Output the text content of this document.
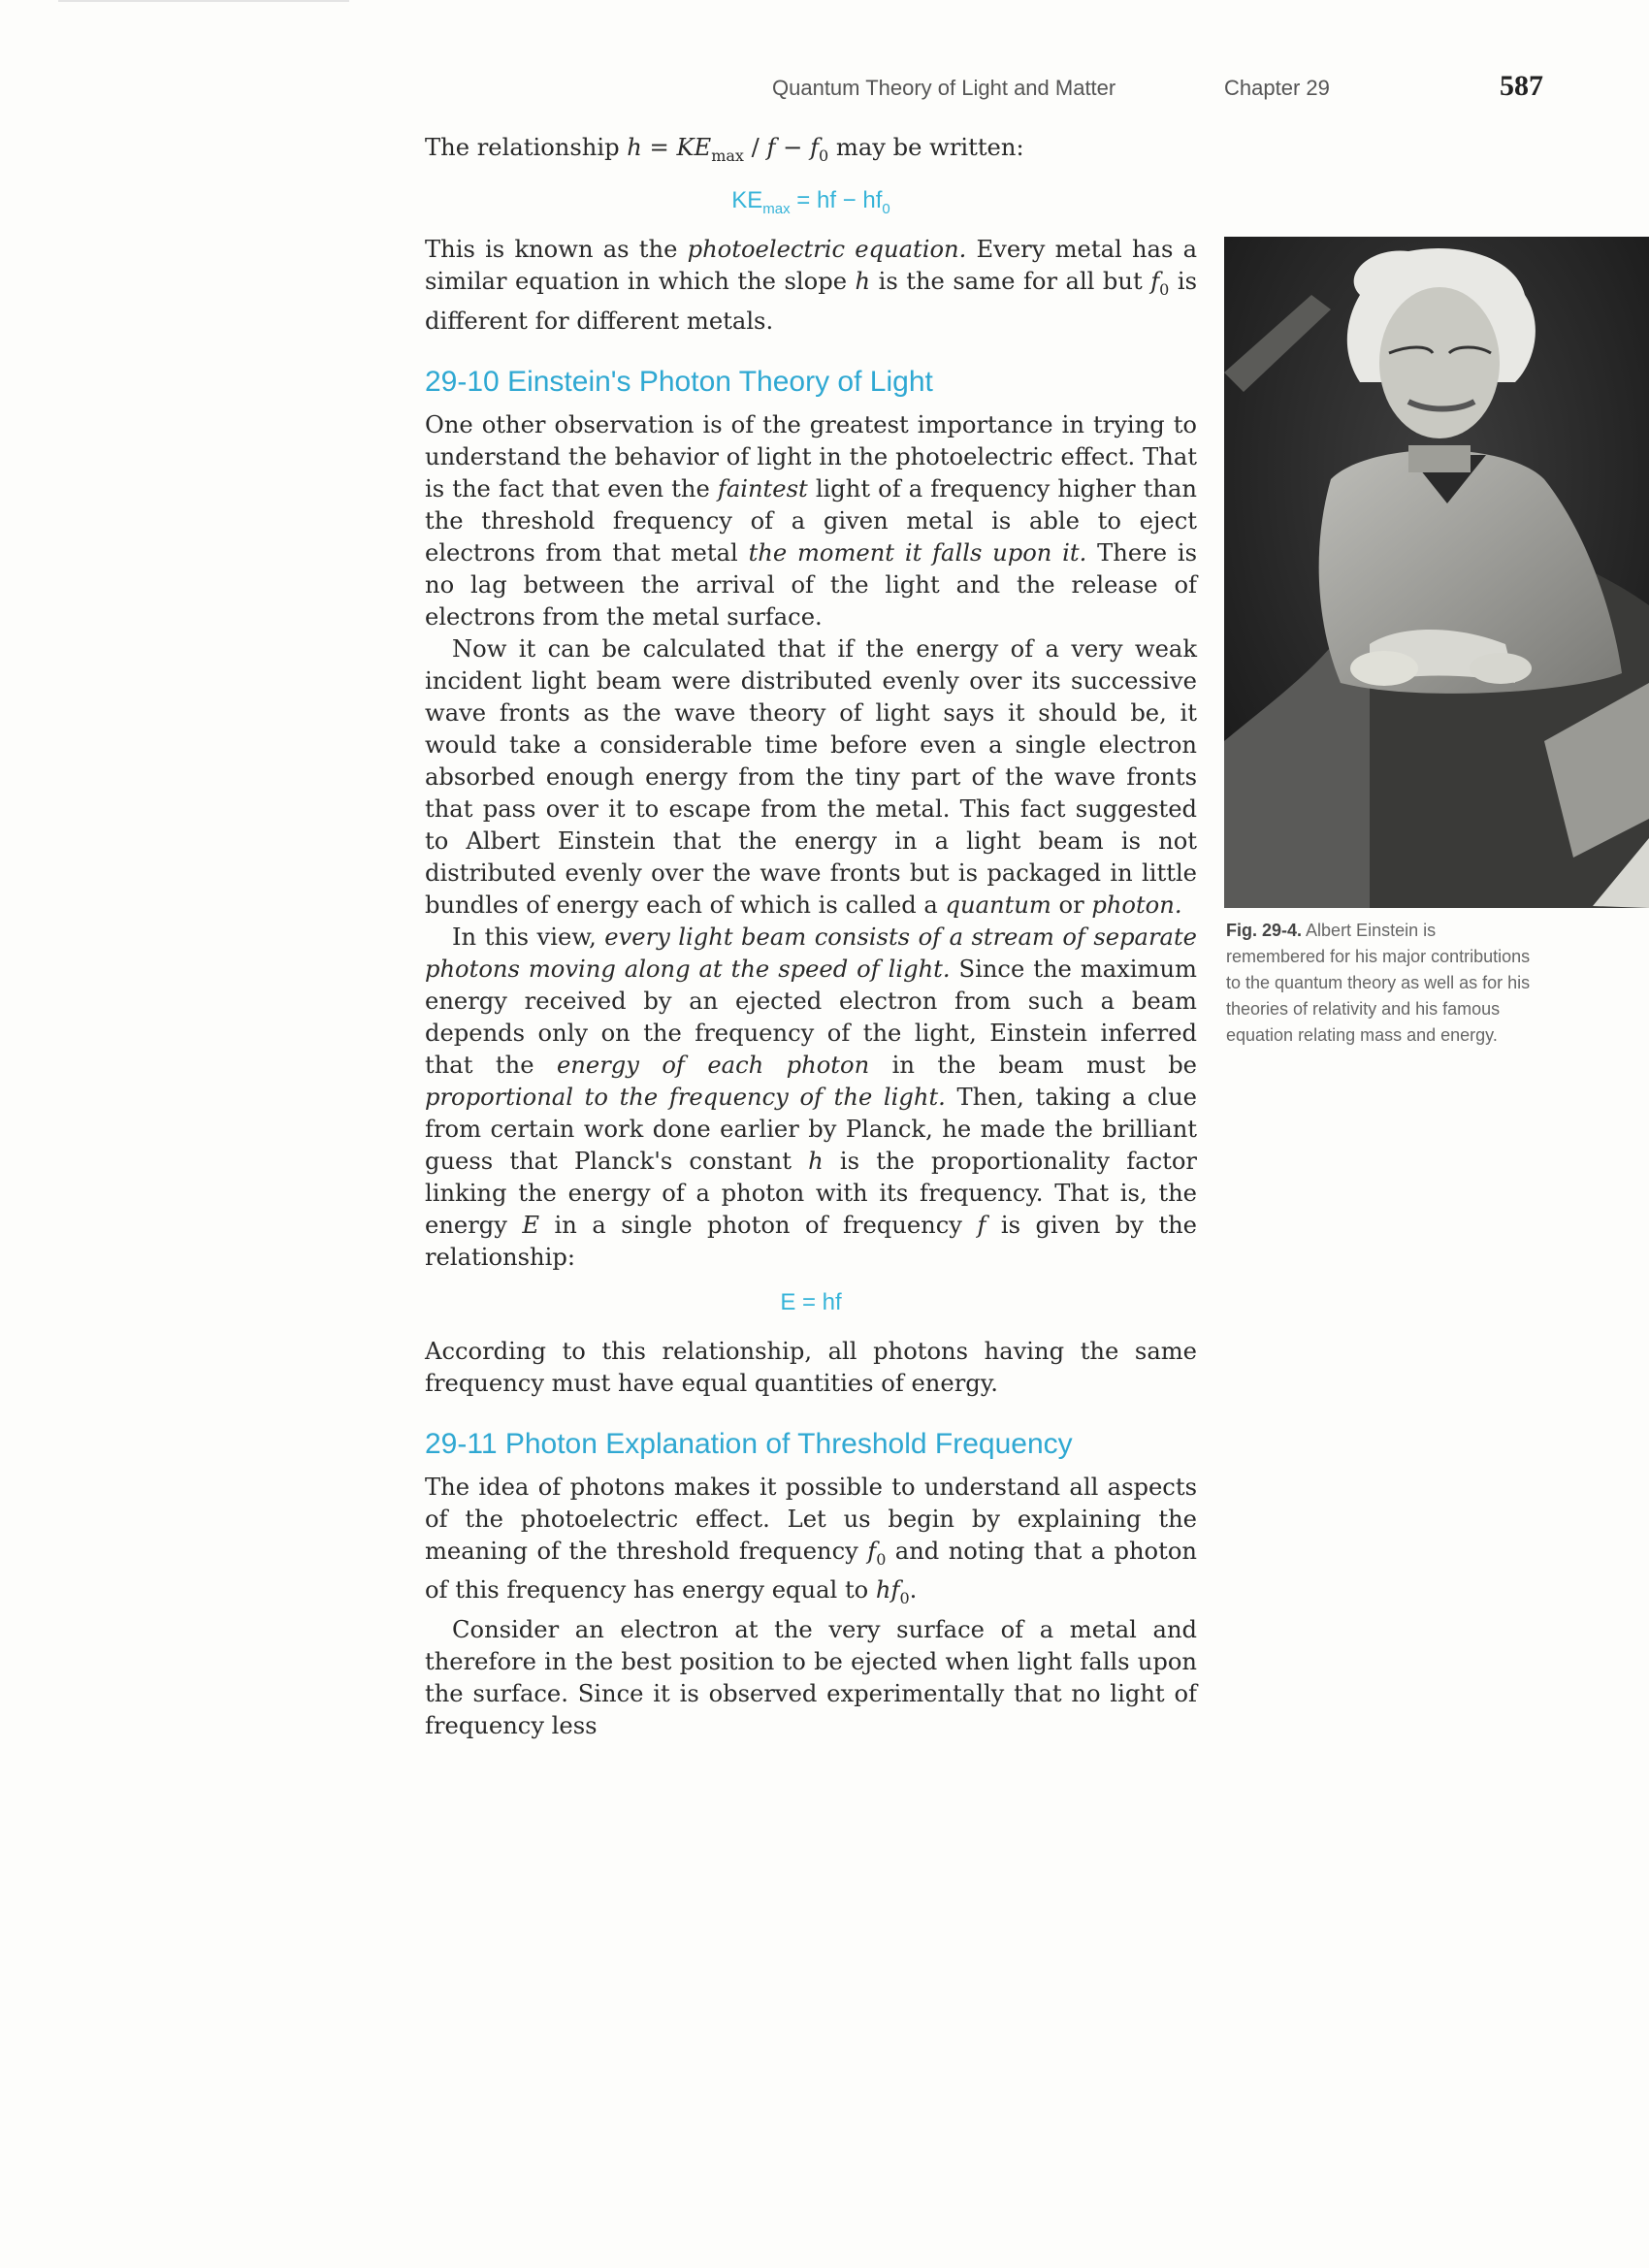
Quantum Theory of Light and Matter	Chapter 29	587

The relationship $h = KE_{max} / f - f_0$ may be written:

$KE_{max}$ = hf − $hf_0$

This is known as the photoelectric equation. Every metal has a similar equation in which the slope h is the same for all but $f_0$ is different for different metals.

29-10 Einstein's Photon Theory of Light

One other observation is of the greatest importance in trying to understand the behavior of light in the photoelectric effect. That is the fact that even the faintest light of a frequency higher than the threshold frequency of a given metal is able to eject electrons from that metal the moment it falls upon it. There is no lag between the arrival of the light and the release of electrons from the metal surface.

Now it can be calculated that if the energy of a very weak incident light beam were distributed evenly over its successive wave fronts as the wave theory of light says it should be, it would take a considerable time before even a single electron absorbed enough energy from the tiny part of the wave fronts that pass over it to escape from the metal. This fact suggested to Albert Einstein that the energy in a light beam is not distributed evenly over the wave fronts but is packaged in little bundles of energy each of which is called a quantum or photon.

In this view, every light beam consists of a stream of separate photons moving along at the speed of light. Since the maximum energy received by an ejected electron from such a beam depends only on the frequency of the light, Einstein inferred that the energy of each photon in the beam must be proportional to the frequency of the light. Then, taking a clue from certain work done earlier by Planck, he made the brilliant guess that Planck's constant h is the proportionality factor linking the energy of a photon with its frequency. That is, the energy E in a single photon of frequency f is given by the relationship:

E = hf

According to this relationship, all photons having the same frequency must have equal quantities of energy.

29-11 Photon Explanation of Threshold Frequency

The idea of photons makes it possible to understand all aspects of the photoelectric effect. Let us begin by explaining the meaning of the threshold frequency $f_0$ and noting that a photon of this frequency has energy equal to $hf_0$.

Consider an electron at the very surface of a metal and therefore in the best position to be ejected when light falls upon the surface. Since it is observed experimentally that no light of frequency less

Fig. 29-4. Albert Einstein is remembered for his major contributions to the quantum theory as well as for his theories of relativity and his famous equation relating mass and energy.
